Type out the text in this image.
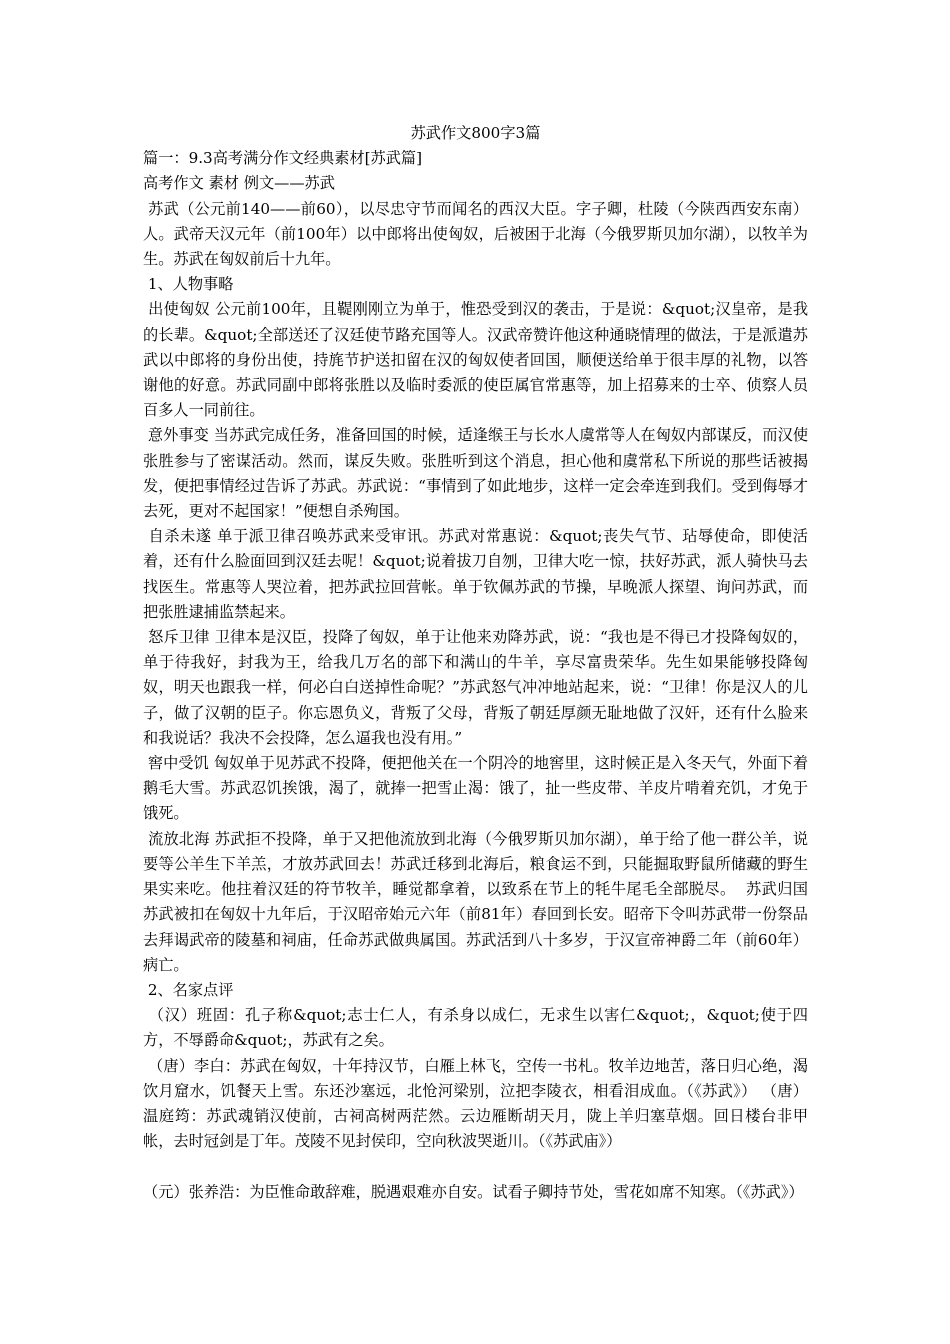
苏武作文800字3篇

篇一：9.3高考满分作文经典素材[苏武篇]

高考作文 素材 例文——苏武

苏武（公元前140——前60），以尽忠守节而闻名的西汉大臣。字子卿，杜陵（今陕西西安东南）人。武帝天汉元年（前100年）以中郎将出使匈奴，后被困于北海（今俄罗斯贝加尔湖），以牧羊为生。苏武在匈奴前后十九年。

1、人物事略

出使匈奴 公元前100年，且鞮刚刚立为单于，惟恐受到汉的袭击，于是说：&quot;汉皇帝，是我的长辈。&quot;全部送还了汉廷使节路充国等人。汉武帝赞许他这种通晓情理的做法，于是派遣苏武以中郎将的身份出使，持旄节护送扣留在汉的匈奴使者回国，顺便送给单于很丰厚的礼物，以答谢他的好意。苏武同副中郎将张胜以及临时委派的使臣属官常惠等，加上招募来的士卒、侦察人员百多人一同前往。

意外事变 当苏武完成任务，准备回国的时候，适逢缑王与长水人虞常等人在匈奴内部谋反，而汉使张胜参与了密谋活动。然而，谋反失败。张胜听到这个消息，担心他和虞常私下所说的那些话被揭发，便把事情经过告诉了苏武。苏武说：“事情到了如此地步，这样一定会牵连到我们。受到侮辱才去死，更对不起国家！”便想自杀殉国。

自杀未遂 单于派卫律召唤苏武来受审讯。苏武对常惠说：&quot;丧失气节、玷辱使命，即使活着，还有什么脸面回到汉廷去呢！&quot;说着拔刀自刎，卫律大吃一惊，扶好苏武，派人骑快马去找医生。常惠等人哭泣着，把苏武拉回营帐。单于钦佩苏武的节操，早晚派人探望、询问苏武，而把张胜逮捕监禁起来。

怒斥卫律 卫律本是汉臣，投降了匈奴，单于让他来劝降苏武，说：“我也是不得已才投降匈奴的，单于待我好，封我为王，给我几万名的部下和满山的牛羊，享尽富贵荣华。先生如果能够投降匈奴，明天也跟我一样，何必白白送掉性命呢？”苏武怒气冲冲地站起来，说：“卫律！你是汉人的儿子，做了汉朝的臣子。你忘恩负义，背叛了父母，背叛了朝廷厚颜无耻地做了汉奸，还有什么脸来和我说话？我决不会投降，怎么逼我也没有用。”

窖中受饥 匈奴单于见苏武不投降，便把他关在一个阴冷的地窖里，这时候正是入冬天气，外面下着鹅毛大雪。苏武忍饥挨饿，渴了，就捧一把雪止渴：饿了，扯一些皮带、羊皮片啃着充饥，才免于饿死。

流放北海 苏武拒不投降，单于又把他流放到北海（今俄罗斯贝加尔湖），单于给了他一群公羊，说要等公羊生下羊羔，才放苏武回去！苏武迁移到北海后，粮食运不到，只能掘取野鼠所储藏的野生果实来吃。他拄着汉廷的符节牧羊，睡觉都拿着，以致系在节上的牦牛尾毛全部脱尽。  苏武归国 苏武被扣在匈奴十九年后，于汉昭帝始元六年（前81年）春回到长安。昭帝下令叫苏武带一份祭品去拜谒武帝的陵墓和祠庙，任命苏武做典属国。苏武活到八十多岁，于汉宣帝神爵二年（前60年）病亡。

2、名家点评

（汉）班固：孔子称&quot;志士仁人，有杀身以成仁，无求生以害仁&quot;，&quot;使于四方，不辱爵命&quot;，苏武有之矣。

（唐）李白：苏武在匈奴，十年持汉节，白雁上林飞，空传一书札。牧羊边地苦，落日归心绝，渴饮月窟水，饥餐天上雪。东还沙塞远，北怆河梁别，泣把李陵衣，相看泪成血。（《苏武》） （唐）温庭筠：苏武魂销汉使前，古祠高树两茫然。云边雁断胡天月，陇上羊归塞草烟。回日楼台非甲帐，去时冠剑是丁年。茂陵不见封侯印，空向秋波哭逝川。（《苏武庙》）

（元）张养浩：为臣惟命敢辞难，脱遇艰难亦自安。试看子卿持节处，雪花如席不知寒。（《苏武》）
